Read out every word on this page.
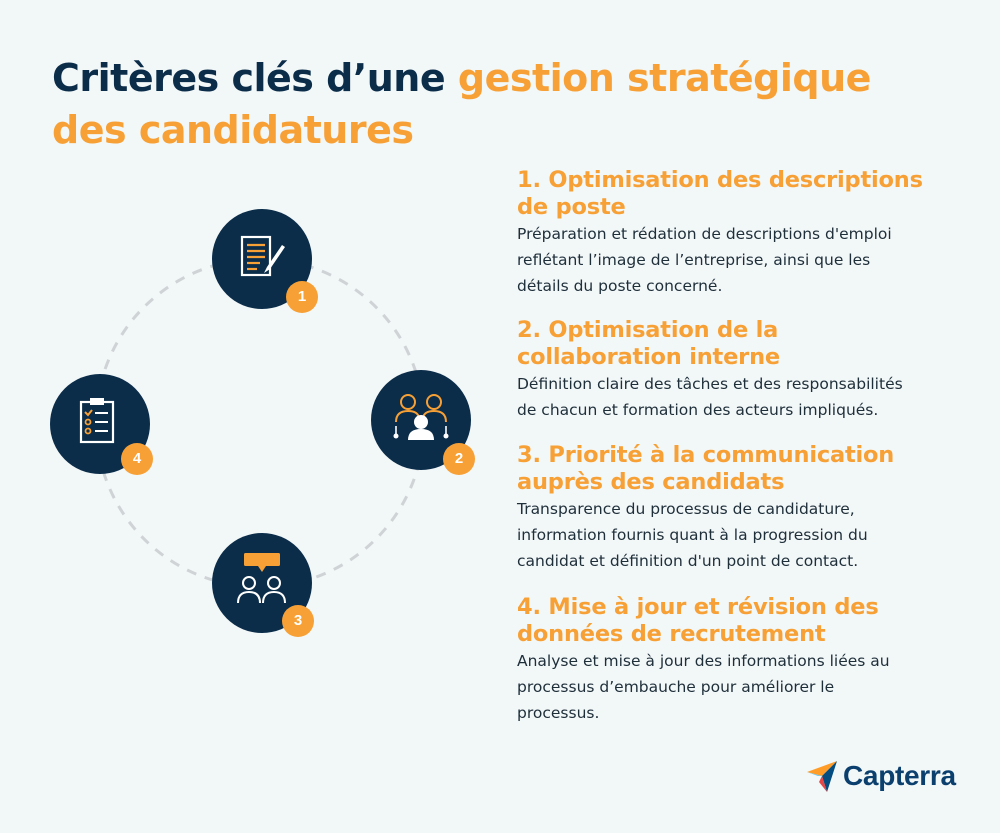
Critères clés d’une gestion stratégique
des candidatures
1
2
3
4
1. Optimisation des descriptions
de poste

Préparation et rédation de descriptions d'emploi
reflétant l’image de l’entreprise, ainsi que les
détails du poste concerné.

2. Optimisation de la
collaboration interne

Définition claire des tâches et des responsabilités
de chacun et formation des acteurs impliqués.

3. Priorité à la communication
auprès des candidats

Transparence du processus de candidature,
information fournis quant à la progression du
candidat et définition d'un point de contact.

4. Mise à jour et révision des
données de recrutement

Analyse et mise à jour des informations liées au
processus d’embauche pour améliorer le
processus.

Capterra
